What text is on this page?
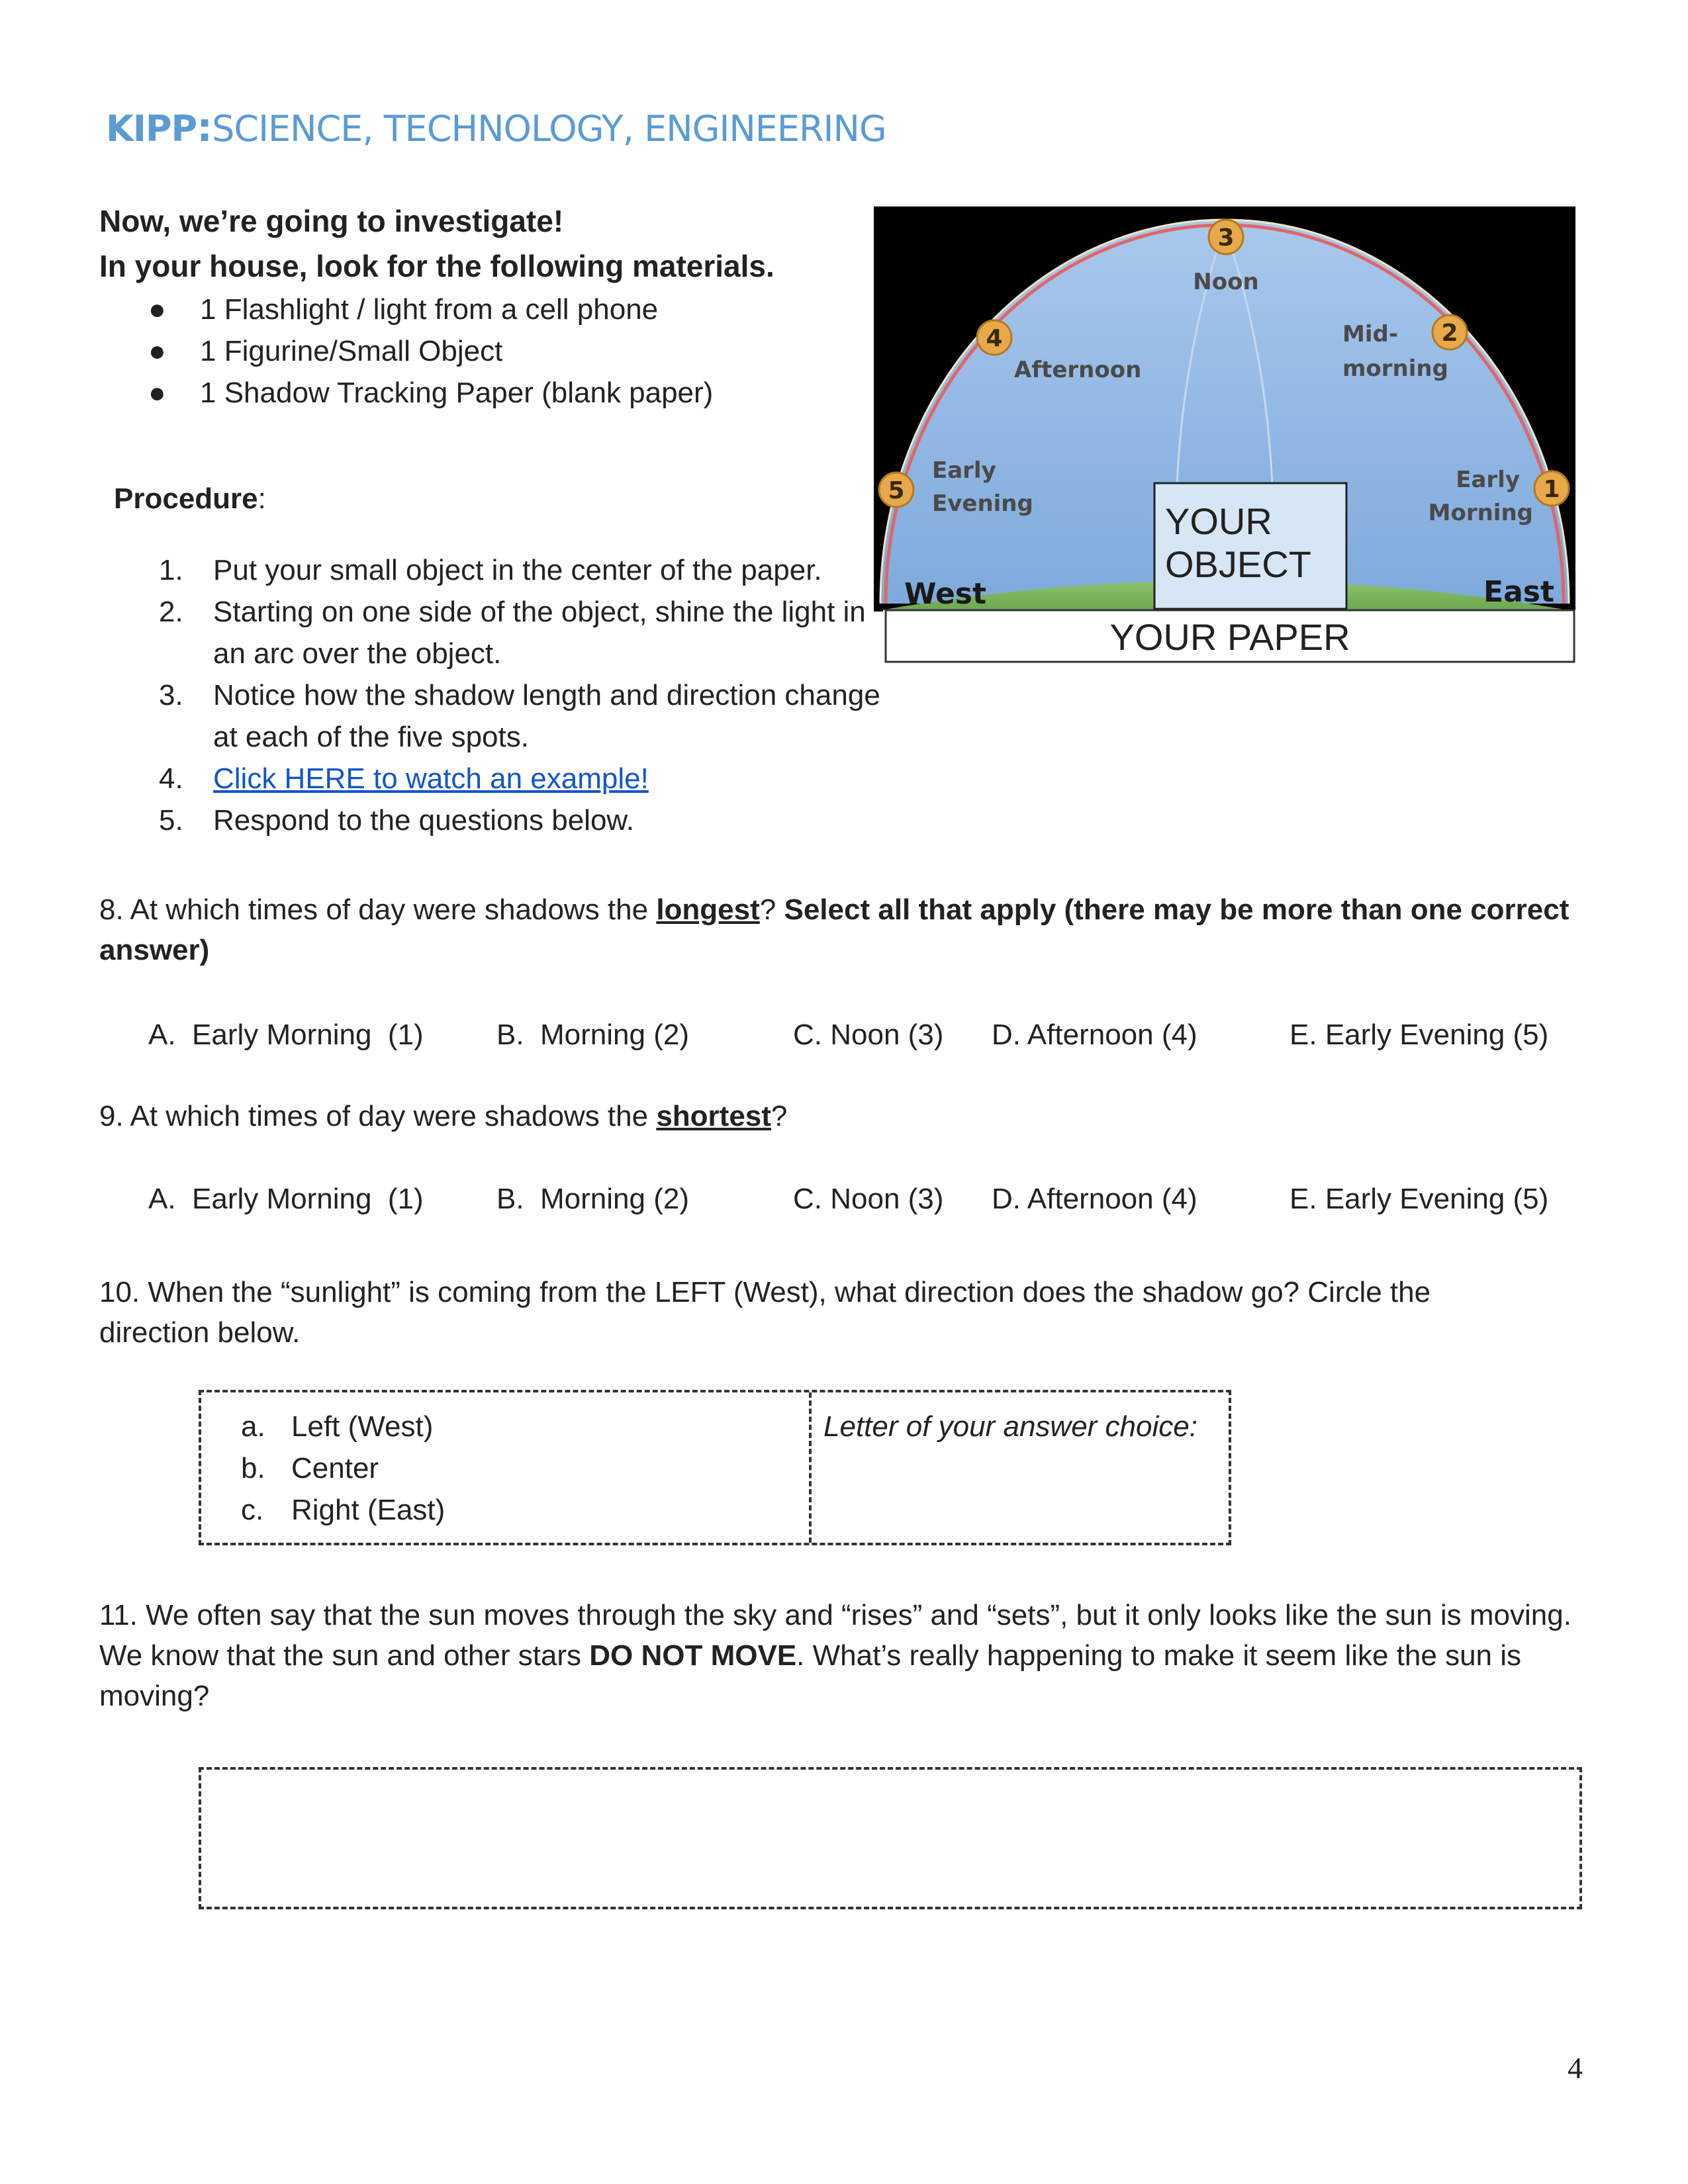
KIPP:SCIENCE, TECHNOLOGY, ENGINEERING
Now, we’re going to investigate!
In your house, look for the following materials.
● 1 Flashlight / light from a cell phone
● 1 Figurine/Small Object
● 1 Shadow Tracking Paper (blank paper)
Procedure:
1. Put your small object in the center of the paper.
2. Starting on one side of the object, shine the light in an arc over the object.
3. Notice how the shadow length and direction change at each of the five spots.
4. Click HERE to watch an example!
5. Respond to the questions below.
YOUR PAPER
YOUR
OBJECT
West	East
3
Noon
4
Afternoon
2
Mid-
morning
5
Early
Evening
1
Early
Morning
8. At which times of day were shadows the longest? Select all that apply (there may be more than one correct answer)
A. Early Morning  (1)	B. Morning (2)	C. Noon (3) D. Afternoon (4)	E. Early Evening (5)
9. At which times of day were shadows the shortest?
A. Early Morning  (1)	B. Morning (2)	C. Noon (3) D. Afternoon (4)	E. Early Evening (5)
10. When the “sunlight” is coming from the LEFT (West), what direction does the shadow go? Circle the direction below.
a. Left (West)
b. Center
c. Right (East)
Letter of your answer choice:
11. We often say that the sun moves through the sky and “rises” and “sets”, but it only looks like the sun is moving. We know that the sun and other stars DO NOT MOVE. What’s really happening to make it seem like the sun is moving?
4
